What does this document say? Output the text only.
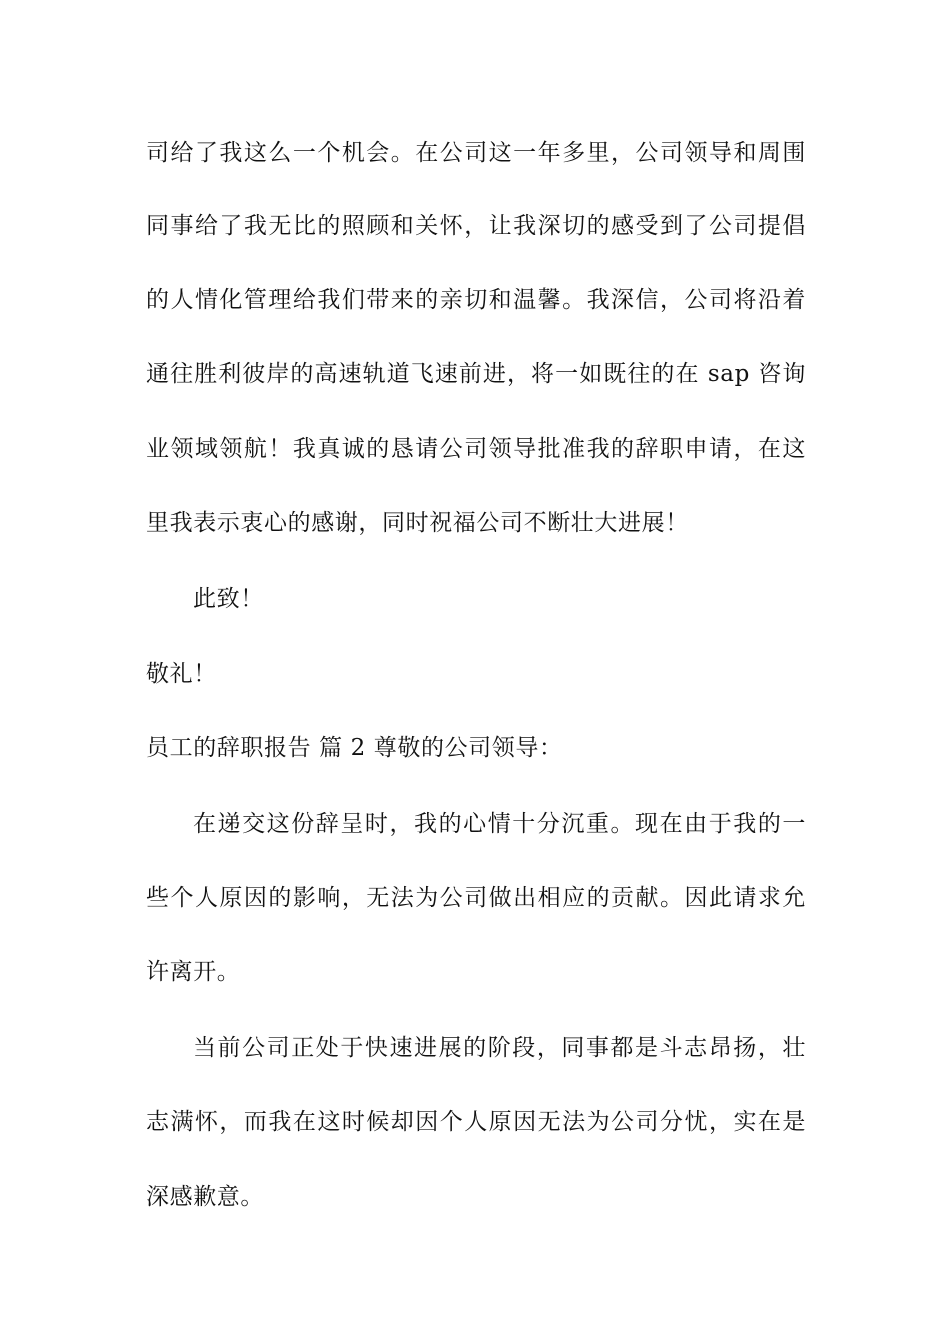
司给了我这么一个机会。在公司这一年多里，公司领导和周围
同事给了我无比的照顾和关怀，让我深切的感受到了公司提倡
的人情化管理给我们带来的亲切和温馨。我深信，公司将沿着
通往胜利彼岸的高速轨道飞速前进，将一如既往的在 sap 咨询
业领域领航！我真诚的恳请公司领导批准我的辞职申请，在这
里我表示衷心的感谢，同时祝福公司不断壮大进展！
此致！
敬礼！
员工的辞职报告 篇 2 尊敬的公司领导：
在递交这份辞呈时，我的心情十分沉重。现在由于我的一
些个人原因的影响，无法为公司做出相应的贡献。因此请求允
许离开。
当前公司正处于快速进展的阶段，同事都是斗志昂扬，壮
志满怀，而我在这时候却因个人原因无法为公司分忧，实在是
深感歉意。
